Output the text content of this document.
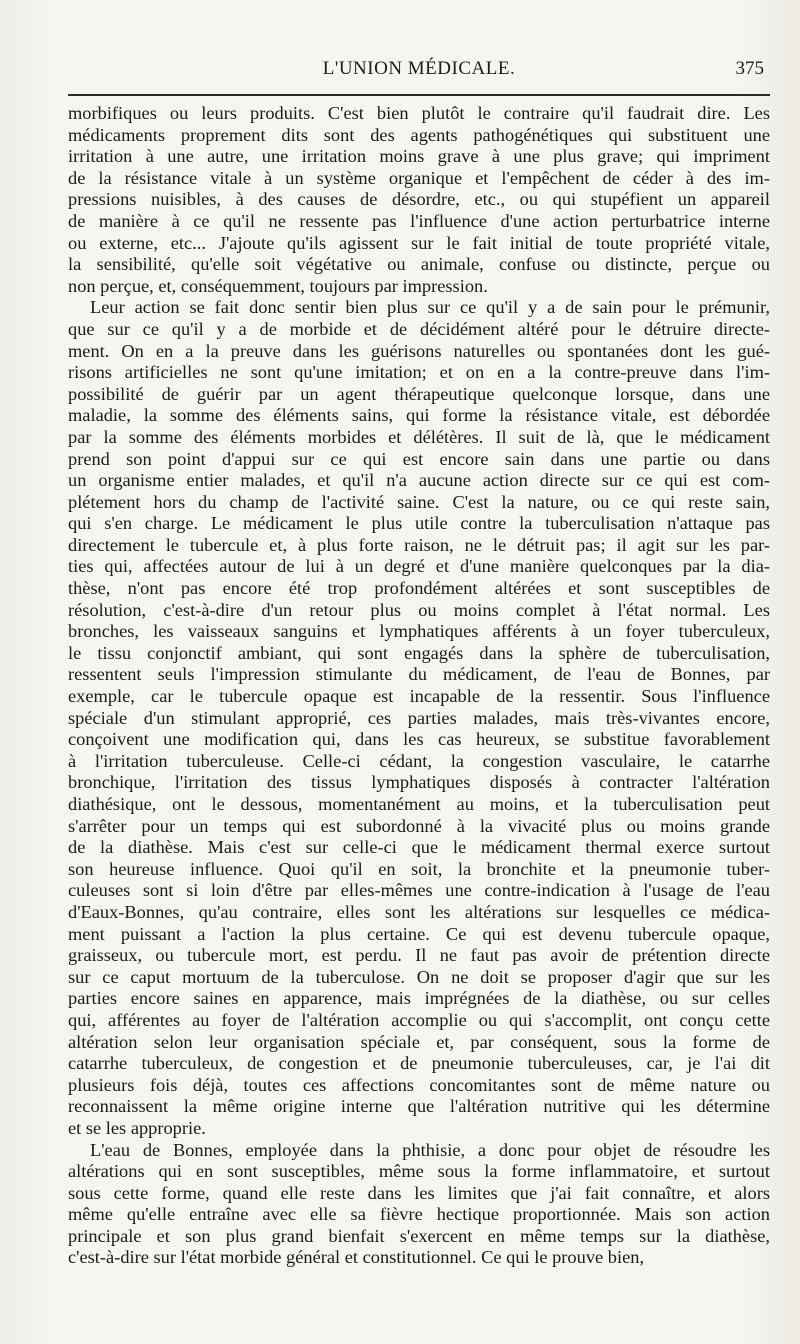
L'UNION MÉDICALE.	375
morbifiques ou leurs produits. C'est bien plutôt le contraire qu'il faudrait dire. Les
médicaments proprement dits sont des agents pathogénétiques qui substituent une
irritation à une autre, une irritation moins grave à une plus grave; qui impriment
de la résistance vitale à un système organique et l'empêchent de céder à des im-
pressions nuisibles, à des causes de désordre, etc., ou qui stupéfient un appareil
de manière à ce qu'il ne ressente pas l'influence d'une action perturbatrice interne
ou externe, etc... J'ajoute qu'ils agissent sur le fait initial de toute propriété vitale,
la sensibilité, qu'elle soit végétative ou animale, confuse ou distincte, perçue ou
non perçue, et, conséquemment, toujours par impression.
Leur action se fait donc sentir bien plus sur ce qu'il y a de sain pour le prémunir,
que sur ce qu'il y a de morbide et de décidément altéré pour le détruire directe-
ment. On en a la preuve dans les guérisons naturelles ou spontanées dont les gué-
risons artificielles ne sont qu'une imitation; et on en a la contre-preuve dans l'im-
possibilité de guérir par un agent thérapeutique quelconque lorsque, dans une
maladie, la somme des éléments sains, qui forme la résistance vitale, est débordée
par la somme des éléments morbides et délétères. Il suit de là, que le médicament
prend son point d'appui sur ce qui est encore sain dans une partie ou dans
un organisme entier malades, et qu'il n'a aucune action directe sur ce qui est com-
plétement hors du champ de l'activité saine. C'est la nature, ou ce qui reste sain,
qui s'en charge. Le médicament le plus utile contre la tuberculisation n'attaque pas
directement le tubercule et, à plus forte raison, ne le détruit pas; il agit sur les par-
ties qui, affectées autour de lui à un degré et d'une manière quelconques par la dia-
thèse, n'ont pas encore été trop profondément altérées et sont susceptibles de
résolution, c'est-à-dire d'un retour plus ou moins complet à l'état normal. Les
bronches, les vaisseaux sanguins et lymphatiques afférents à un foyer tuberculeux,
le tissu conjonctif ambiant, qui sont engagés dans la sphère de tuberculisation,
ressentent seuls l'impression stimulante du médicament, de l'eau de Bonnes, par
exemple, car le tubercule opaque est incapable de la ressentir. Sous l'influence
spéciale d'un stimulant approprié, ces parties malades, mais très-vivantes encore,
conçoivent une modification qui, dans les cas heureux, se substitue favorablement
à l'irritation tuberculeuse. Celle-ci cédant, la congestion vasculaire, le catarrhe
bronchique, l'irritation des tissus lymphatiques disposés à contracter l'altération
diathésique, ont le dessous, momentanément au moins, et la tuberculisation peut
s'arrêter pour un temps qui est subordonné à la vivacité plus ou moins grande
de la diathèse. Mais c'est sur celle-ci que le médicament thermal exerce surtout
son heureuse influence. Quoi qu'il en soit, la bronchite et la pneumonie tuber-
culeuses sont si loin d'être par elles-mêmes une contre-indication à l'usage de l'eau
d'Eaux-Bonnes, qu'au contraire, elles sont les altérations sur lesquelles ce médica-
ment puissant a l'action la plus certaine. Ce qui est devenu tubercule opaque,
graisseux, ou tubercule mort, est perdu. Il ne faut pas avoir de prétention directe
sur ce caput mortuum de la tuberculose. On ne doit se proposer d'agir que sur les
parties encore saines en apparence, mais imprégnées de la diathèse, ou sur celles
qui, afférentes au foyer de l'altération accomplie ou qui s'accomplit, ont conçu cette
altération selon leur organisation spéciale et, par conséquent, sous la forme de
catarrhe tuberculeux, de congestion et de pneumonie tuberculeuses, car, je l'ai dit
plusieurs fois déjà, toutes ces affections concomitantes sont de même nature ou
reconnaissent la même origine interne que l'altération nutritive qui les détermine
et se les approprie.
L'eau de Bonnes, employée dans la phthisie, a donc pour objet de résoudre les
altérations qui en sont susceptibles, même sous la forme inflammatoire, et surtout
sous cette forme, quand elle reste dans les limites que j'ai fait connaître, et alors
même qu'elle entraîne avec elle sa fièvre hectique proportionnée. Mais son action
principale et son plus grand bienfait s'exercent en même temps sur la diathèse,
c'est-à-dire sur l'état morbide général et constitutionnel. Ce qui le prouve bien,
